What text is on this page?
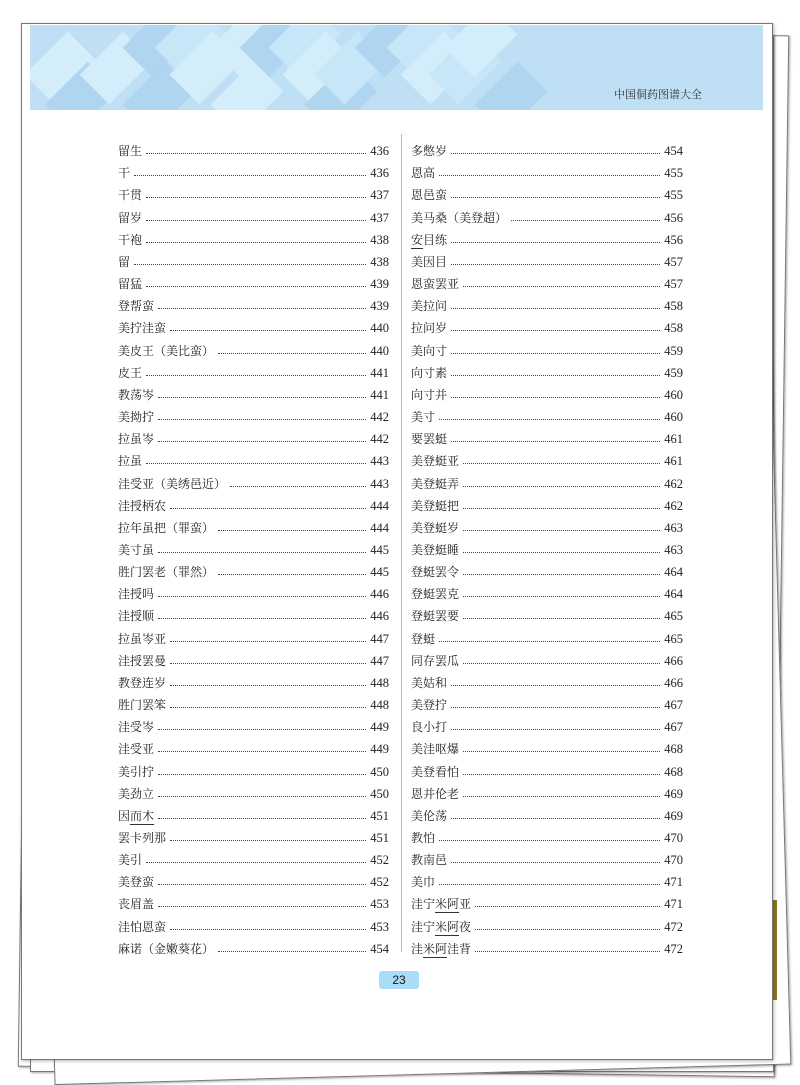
中国侗药图谱大全
留生	436
干	436
干贯	437
留岁	437
干袍	438
留	438
留猛	439
登帮蛮	439
美拧洼蛮	440
美皮王（美比蛮）	440
皮王	441
教荡岑	441
美拗拧	442
拉虽岑	442
拉虽	443
洼受亚（美绣邑近）	443
洼授柄农	444
拉年虽把（罪蛮）	444
美寸虽	445
胜门罢老（罪然）	445
洼授吗	446
洼授顺	446
拉虽岑亚	447
洼授罢曼	447
教登连岁	448
胜门罢笨	448
洼受岑	449
洼受亚	449
美引拧	450
美劲立	450
因而木	451
罢卡列那	451
美引	452
美登蛮	452
丧眉盖	453
洼怕恩蛮	453
麻诺（金嫩葵花）	454
多憋岁	454
恩高	455
恩邑蛮	455
美马桑（美登超）	456
安目练	456
美因目	457
恩蛮罢亚	457
美拉问	458
拉问岁	458
美向寸	459
向寸素	459
向寸并	460
美寸	460
要罢蜓	461
美登蜓亚	461
美登蜓弄	462
美登蜓把	462
美登蜓岁	463
美登蜓睡	463
登蜓罢令	464
登蜓罢克	464
登蜓罢要	465
登蜓	465
同存罢瓜	466
美姑和	466
美登拧	467
良小打	467
美洼呕爆	468
美登看怕	468
恩并伦老	469
美伦荡	469
教怕	470
教南邑	470
美巾	471
洼宁米阿亚	471
洼宁米阿夜	472
洼米阿洼背	472
23
